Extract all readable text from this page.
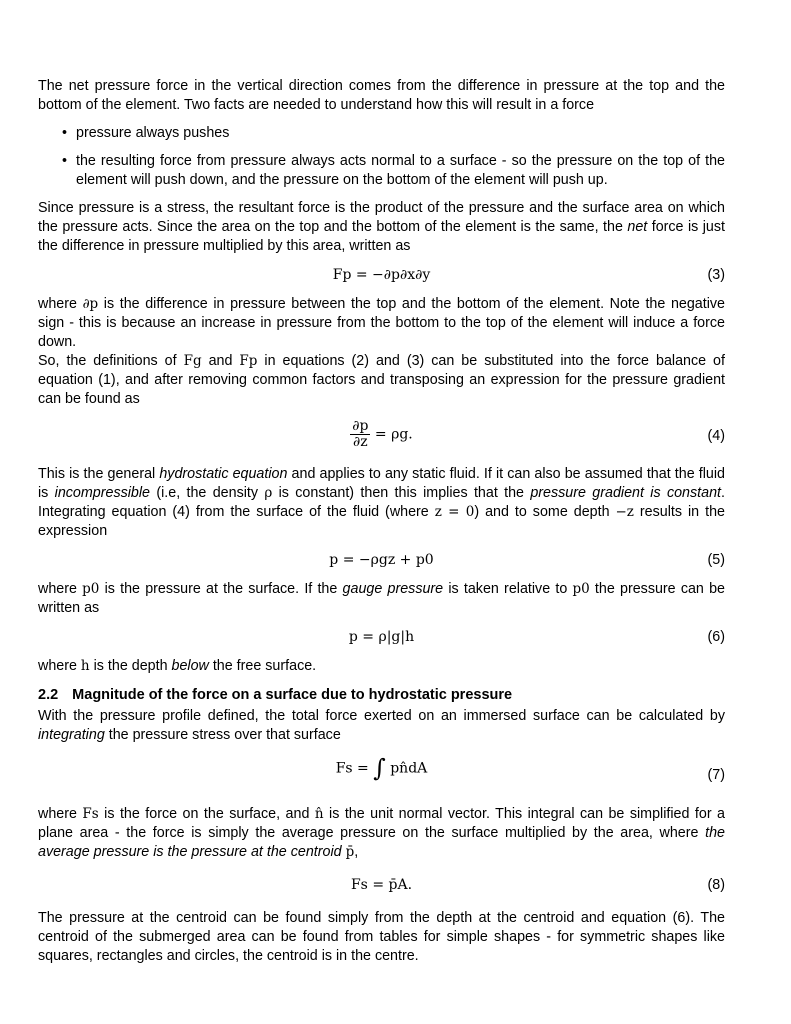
The net pressure force in the vertical direction comes from the difference in pressure at the top and the bottom of the element. Two facts are needed to understand how this will result in a force

• pressure always pushes
• the resulting force from pressure always acts normal to a surface - so the pressure on the top of the element will push down, and the pressure on the bottom of the element will push up.

Since pressure is a stress, the resultant force is the product of the pressure and the surface area on which the pressure acts. Since the area on the top and the bottom of the element is the same, the net force is just the difference in pressure multiplied by this area, written as

Fp = −∂p∂x∂y	(3)

where ∂p is the difference in pressure between the top and the bottom of the element. Note the negative sign - this is because an increase in pressure from the bottom to the top of the element will induce a force down.

So, the definitions of Fg and Fp in equations (2) and (3) can be substituted into the force balance of equation (1), and after removing common factors and transposing an expression for the pressure gradient can be found as

$\frac{\partial p}{\partial z} = \rho g$.	(4)

This is the general hydrostatic equation and applies to any static fluid. If it can also be assumed that the fluid is incompressible (i.e, the density ρ is constant) then this implies that the pressure gradient is constant. Integrating equation (4) from the surface of the fluid (where z = 0) and to some depth −z results in the expression

p = −ρgz + p0	(5)

where p0 is the pressure at the surface. If the gauge pressure is taken relative to p0 the pressure can be written as

p = ρ|g|h	(6)

where h is the depth below the free surface.

2.2 Magnitude of the force on a surface due to hydrostatic pressure

With the pressure profile defined, the total force exerted on an immersed surface can be calculated by integrating the pressure stress over that surface

Fs = ∫ pn̂dA	(7)

where Fs is the force on the surface, and n̂ is the unit normal vector. This integral can be simplified for a plane area - the force is simply the average pressure on the surface multiplied by the area, where the average pressure is the pressure at the centroid p̄,

Fs = p̄A.	(8)

The pressure at the centroid can be found simply from the depth at the centroid and equation (6). The centroid of the submerged area can be found from tables for simple shapes - for symmetric shapes like squares, rectangles and circles, the centroid is in the centre.
